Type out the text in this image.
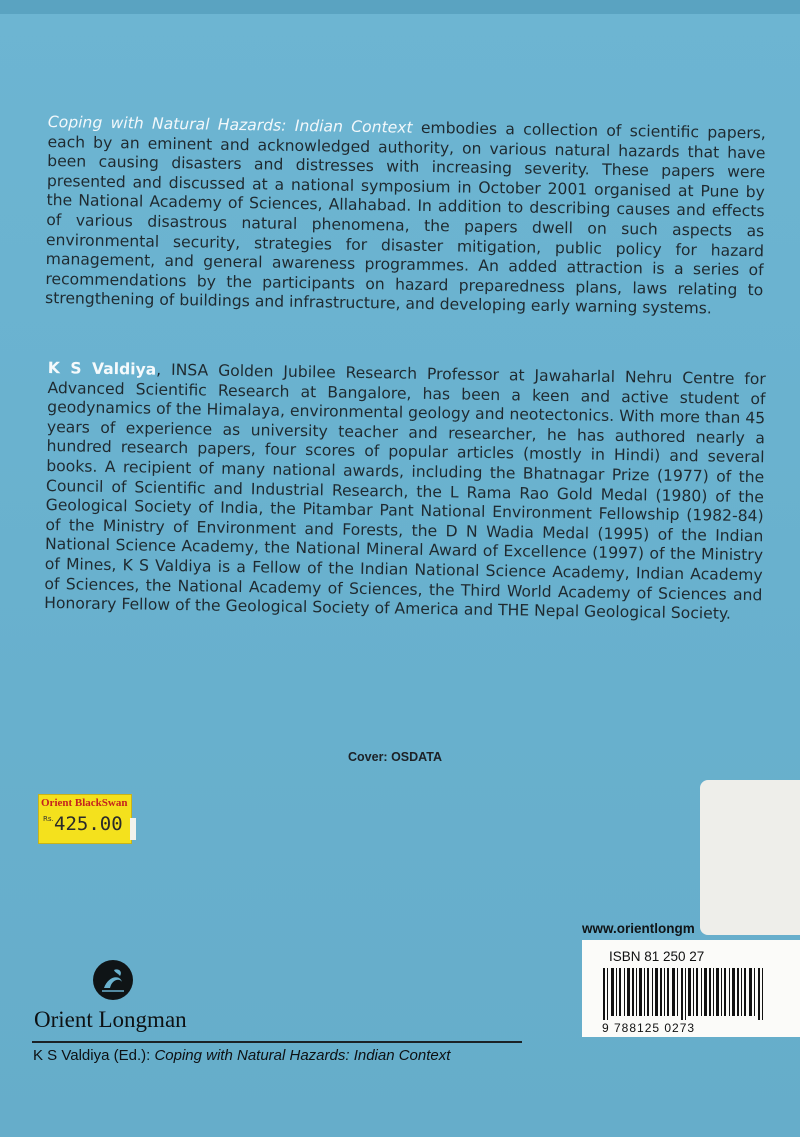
Coping with Natural Hazards: Indian Context embodies a collection of scientific papers, each by an eminent and acknowledged authority, on various natural hazards that have been causing disasters and distresses with increasing severity. These papers were presented and discussed at a national symposium in October 2001 organised at Pune by the National Academy of Sciences, Allahabad. In addition to describing causes and effects of various disastrous natural phenomena, the papers dwell on such aspects as environmental security, strategies for disaster mitigation, public policy for hazard management, and general awareness programmes. An added attraction is a series of recommendations by the participants on hazard preparedness plans, laws relating to strengthening of buildings and infrastructure, and developing early warning systems.

K S Valdiya, INSA Golden Jubilee Research Professor at Jawaharlal Nehru Centre for Advanced Scientific Research at Bangalore, has been a keen and active student of geodynamics of the Himalaya, environmental geology and neotectonics. With more than 45 years of experience as university teacher and researcher, he has authored nearly a hundred research papers, four scores of popular articles (mostly in Hindi) and several books. A recipient of many national awards, including the Bhatnagar Prize (1977) of the Council of Scientific and Industrial Research, the L Rama Rao Gold Medal (1980) of the Geological Society of India, the Pitambar Pant National Environment Fellowship (1982-84) of the Ministry of Environment and Forests, the D N Wadia Medal (1995) of the Indian National Science Academy, the National Mineral Award of Excellence (1997) of the Ministry of Mines, K S Valdiya is a Fellow of the Indian National Science Academy, Indian Academy of Sciences, the National Academy of Sciences, the Third World Academy of Sciences and Honorary Fellow of the Geological Society of America and THE Nepal Geological Society.

Cover: OSDATA
Orient BlackSwan
Rs. 425.00
www.orientlongm
ISBN 81 250 27
9 788125 0273
Orient Longman
K S Valdiya (Ed.): Coping with Natural Hazards: Indian Context
